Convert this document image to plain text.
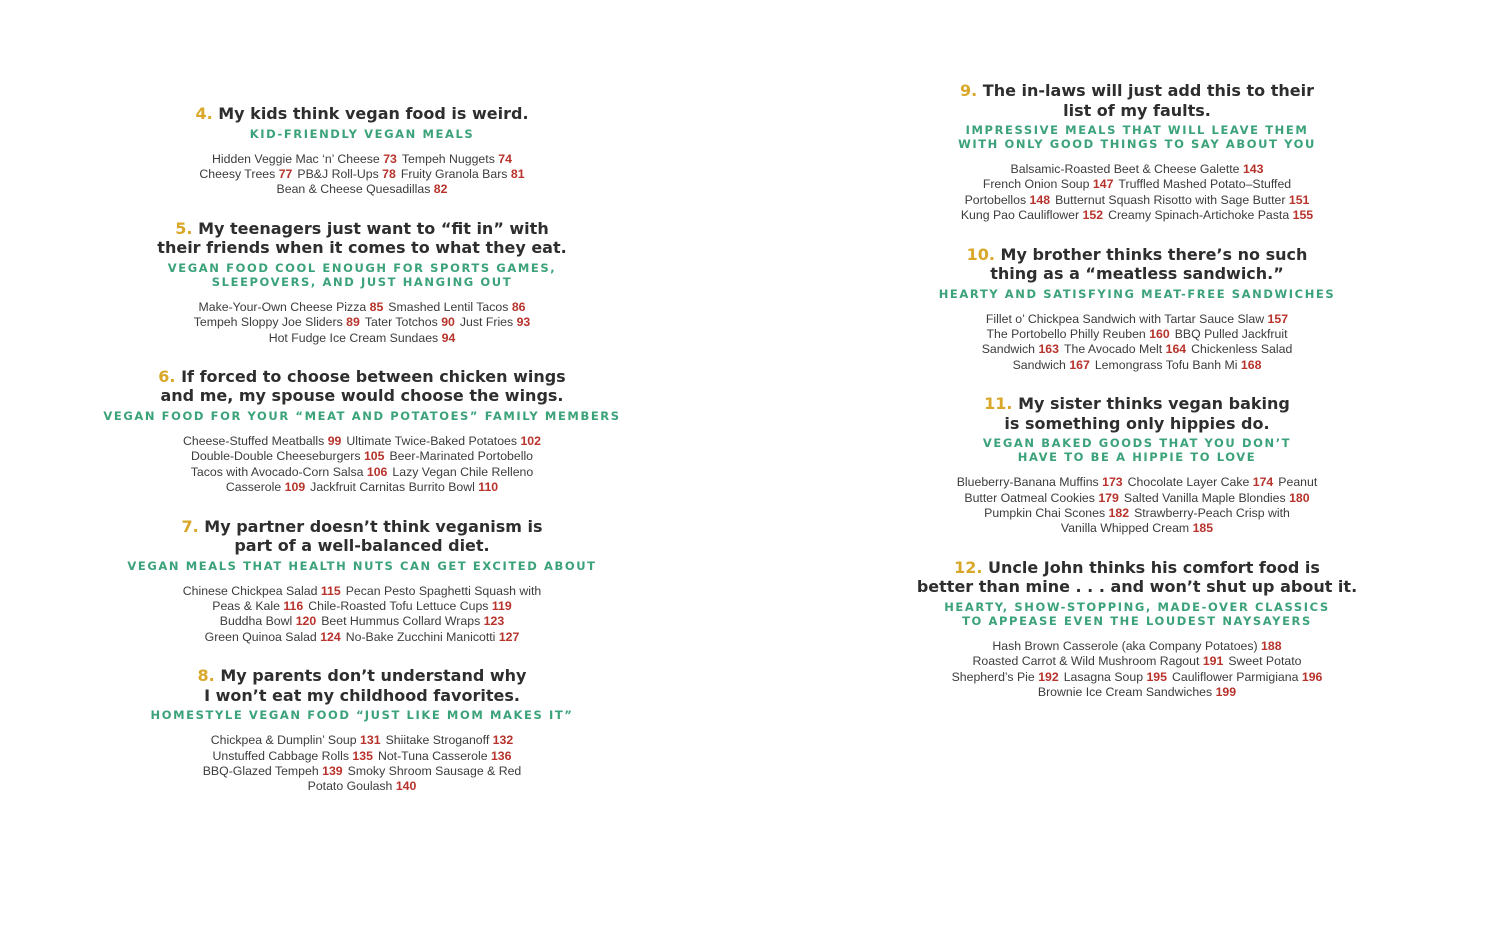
4. My kids think vegan food is weird.
KID-FRIENDLY VEGAN MEALS
Hidden Veggie Mac ‘n’ Cheese 73 Tempeh Nuggets 74
Cheesy Trees 77 PB&J Roll-Ups 78 Fruity Granola Bars 81
Bean & Cheese Quesadillas 82
5. My teenagers just want to “fit in” with
their friends when it comes to what they eat.
VEGAN FOOD COOL ENOUGH FOR SPORTS GAMES,
SLEEPOVERS, AND JUST HANGING OUT
Make-Your-Own Cheese Pizza 85 Smashed Lentil Tacos 86
Tempeh Sloppy Joe Sliders 89 Tater Totchos 90 Just Fries 93
Hot Fudge Ice Cream Sundaes 94
6. If forced to choose between chicken wings
and me, my spouse would choose the wings.
VEGAN FOOD FOR YOUR “MEAT AND POTATOES” FAMILY MEMBERS
Cheese-Stuffed Meatballs 99 Ultimate Twice-Baked Potatoes 102
Double-Double Cheeseburgers 105 Beer-Marinated Portobello
Tacos with Avocado-Corn Salsa 106 Lazy Vegan Chile Relleno
Casserole 109 Jackfruit Carnitas Burrito Bowl 110
7. My partner doesn’t think veganism is
part of a well-balanced diet.
VEGAN MEALS THAT HEALTH NUTS CAN GET EXCITED ABOUT
Chinese Chickpea Salad 115 Pecan Pesto Spaghetti Squash with
Peas & Kale 116 Chile-Roasted Tofu Lettuce Cups 119
Buddha Bowl 120 Beet Hummus Collard Wraps 123
Green Quinoa Salad 124 No-Bake Zucchini Manicotti 127
8. My parents don’t understand why
I won’t eat my childhood favorites.
HOMESTYLE VEGAN FOOD “JUST LIKE MOM MAKES IT”
Chickpea & Dumplin’ Soup 131 Shiitake Stroganoff 132
Unstuffed Cabbage Rolls 135 Not-Tuna Casserole 136
BBQ-Glazed Tempeh 139 Smoky Shroom Sausage & Red
Potato Goulash 140
9. The in-laws will just add this to their
list of my faults.
IMPRESSIVE MEALS THAT WILL LEAVE THEM
WITH ONLY GOOD THINGS TO SAY ABOUT YOU
Balsamic-Roasted Beet & Cheese Galette 143
French Onion Soup 147 Truffled Mashed Potato–Stuffed
Portobellos 148 Butternut Squash Risotto with Sage Butter 151
Kung Pao Cauliflower 152 Creamy Spinach-Artichoke Pasta 155
10. My brother thinks there’s no such
thing as a “meatless sandwich.”
HEARTY AND SATISFYING MEAT-FREE SANDWICHES
Fillet o’ Chickpea Sandwich with Tartar Sauce Slaw 157
The Portobello Philly Reuben 160 BBQ Pulled Jackfruit
Sandwich 163 The Avocado Melt 164 Chickenless Salad
Sandwich 167 Lemongrass Tofu Banh Mi 168
11. My sister thinks vegan baking
is something only hippies do.
VEGAN BAKED GOODS THAT YOU DON’T
HAVE TO BE A HIPPIE TO LOVE
Blueberry-Banana Muffins 173 Chocolate Layer Cake 174 Peanut
Butter Oatmeal Cookies 179 Salted Vanilla Maple Blondies 180
Pumpkin Chai Scones 182 Strawberry-Peach Crisp with
Vanilla Whipped Cream 185
12. Uncle John thinks his comfort food is
better than mine . . . and won’t shut up about it.
HEARTY, SHOW-STOPPING, MADE-OVER CLASSICS
TO APPEASE EVEN THE LOUDEST NAYSAYERS
Hash Brown Casserole (aka Company Potatoes) 188
Roasted Carrot & Wild Mushroom Ragout 191 Sweet Potato
Shepherd’s Pie 192 Lasagna Soup 195 Cauliflower Parmigiana 196
Brownie Ice Cream Sandwiches 199
